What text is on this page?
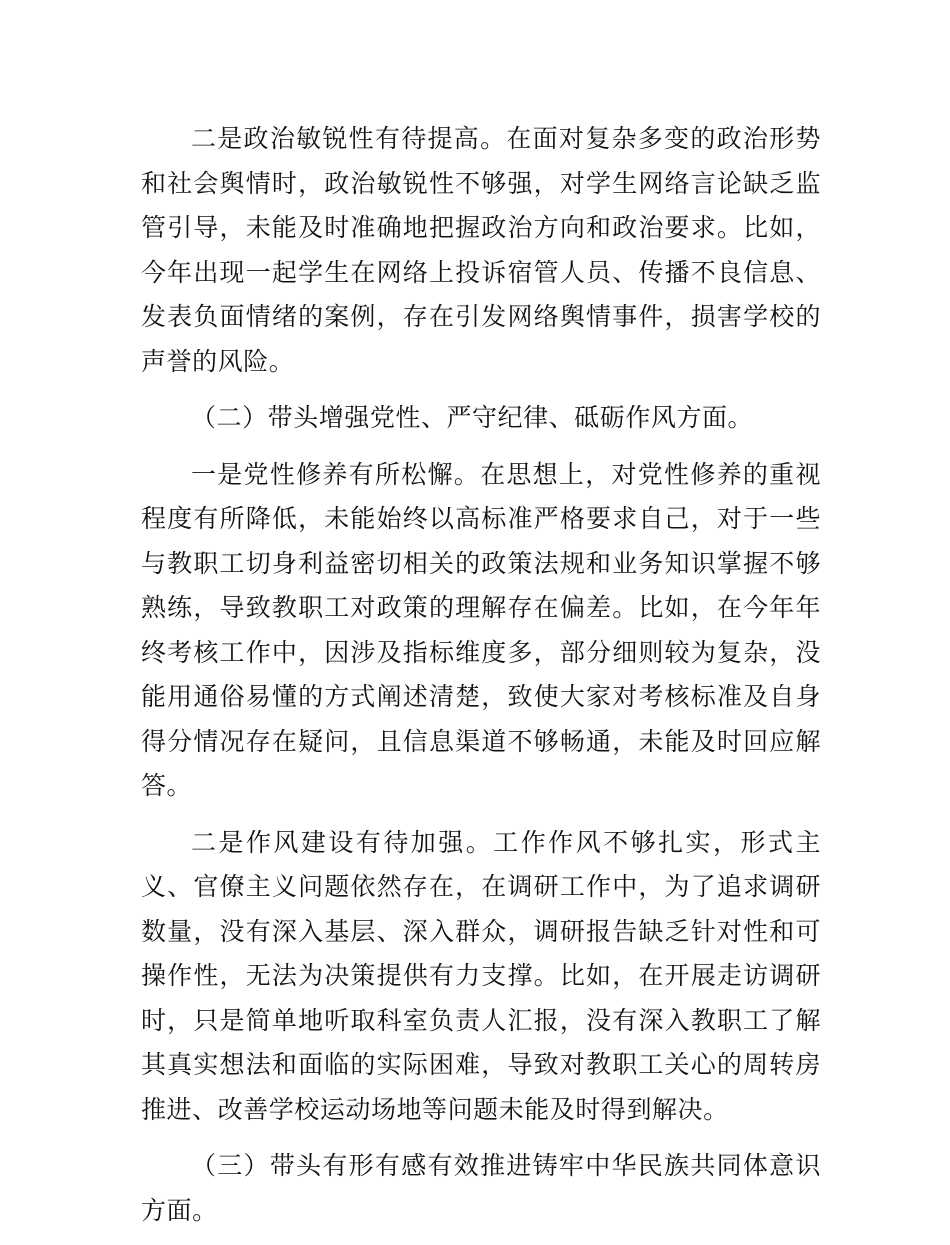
二是政治敏锐性有待提高。在面对复杂多变的政治形势和社会舆情时，政治敏锐性不够强，对学生网络言论缺乏监管引导，未能及时准确地把握政治方向和政治要求。比如，今年出现一起学生在网络上投诉宿管人员、传播不良信息、发表负面情绪的案例，存在引发网络舆情事件，损害学校的声誉的风险。

（二）带头增强党性、严守纪律、砥砺作风方面。

一是党性修养有所松懈。在思想上，对党性修养的重视程度有所降低，未能始终以高标准严格要求自己，对于一些与教职工切身利益密切相关的政策法规和业务知识掌握不够熟练，导致教职工对政策的理解存在偏差。比如，在今年年终考核工作中，因涉及指标维度多，部分细则较为复杂，没能用通俗易懂的方式阐述清楚，致使大家对考核标准及自身得分情况存在疑问，且信息渠道不够畅通，未能及时回应解答。

二是作风建设有待加强。工作作风不够扎实，形式主义、官僚主义问题依然存在，在调研工作中，为了追求调研数量，没有深入基层、深入群众，调研报告缺乏针对性和可操作性，无法为决策提供有力支撑。比如，在开展走访调研时，只是简单地听取科室负责人汇报，没有深入教职工了解其真实想法和面临的实际困难，导致对教职工关心的周转房推进、改善学校运动场地等问题未能及时得到解决。

（三）带头有形有感有效推进铸牢中华民族共同体意识方面。
